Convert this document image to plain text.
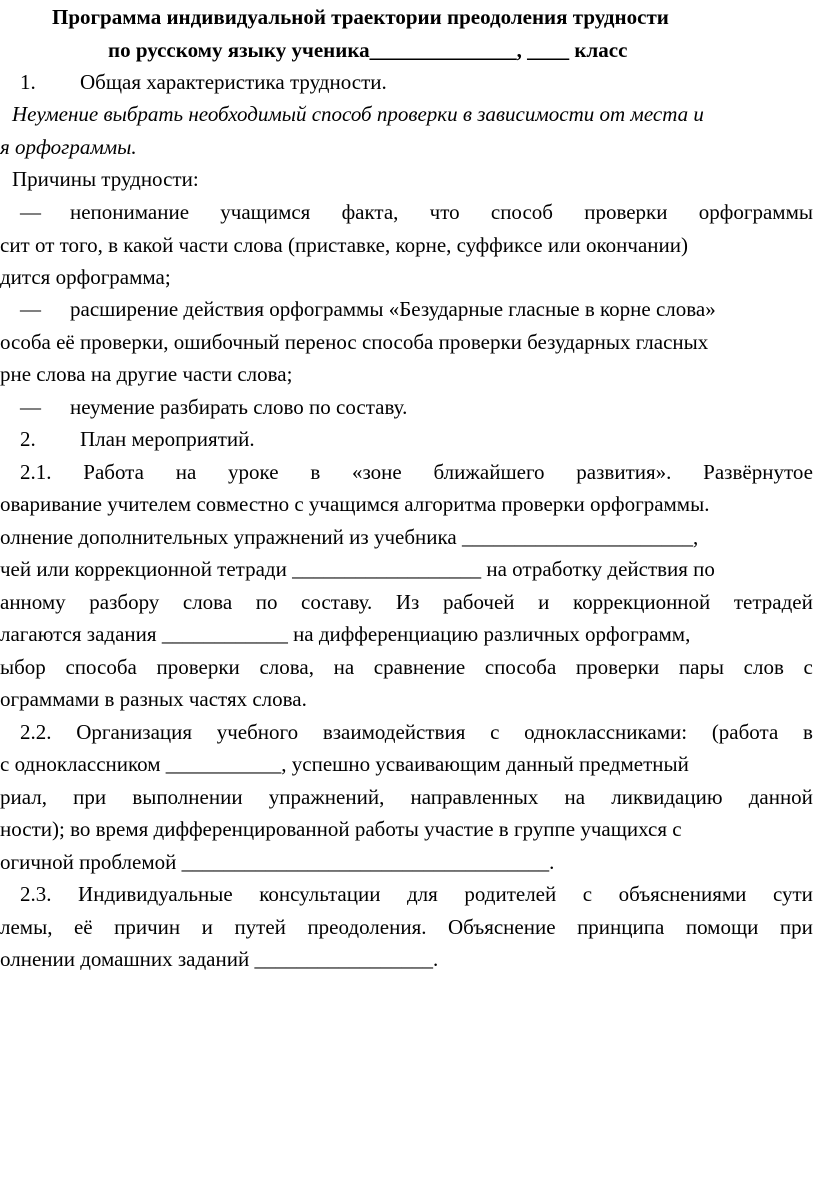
Программа индивидуальной траектории преодоления трудности
по русскому языку ученика______________, ____ класс
1. Общая характеристика трудности.
Неумение выбрать необходимый способ проверки в зависимости от места и
я орфограммы.
Причины трудности:
— непонимание учащимся факта, что способ проверки орфограммы
сит от того, в какой части слова (приставке, корне, суффиксе или окончании)
дится орфограмма;
— расширение действия орфограммы «Безударные гласные в корне слова»
особа её проверки, ошибочный перенос способа проверки безударных гласных
рне слова на другие части слова;
— неумение разбирать слово по составу.
2. План мероприятий.
2.1. Работа на уроке в «зоне ближайшего развития». Развёрнутое
оваривание учителем совместно с учащимся алгоритма проверки орфограммы.
олнение дополнительных упражнений из учебника ______________________,
чей или коррекционной тетради __________________ на отработку действия по
анному разбору слова по составу. Из рабочей и коррекционной тетрадей
лагаются задания ____________ на дифференциацию различных орфограмм,
ыбор способа проверки слова, на сравнение способа проверки пары слов с
ограммами в разных частях слова.
2.2. Организация учебного взаимодействия с одноклассниками: (работа в
с одноклассником ___________, успешно усваивающим данный предметный
риал, при выполнении упражнений, направленных на ликвидацию данной
ности); во время дифференцированной работы участие в группе учащихся с
огичной проблемой ___________________________________.
2.3. Индивидуальные консультации для родителей с объяснениями сути
лемы, её причин и путей преодоления. Объяснение принципа помощи при
олнении домашних заданий _________________.
